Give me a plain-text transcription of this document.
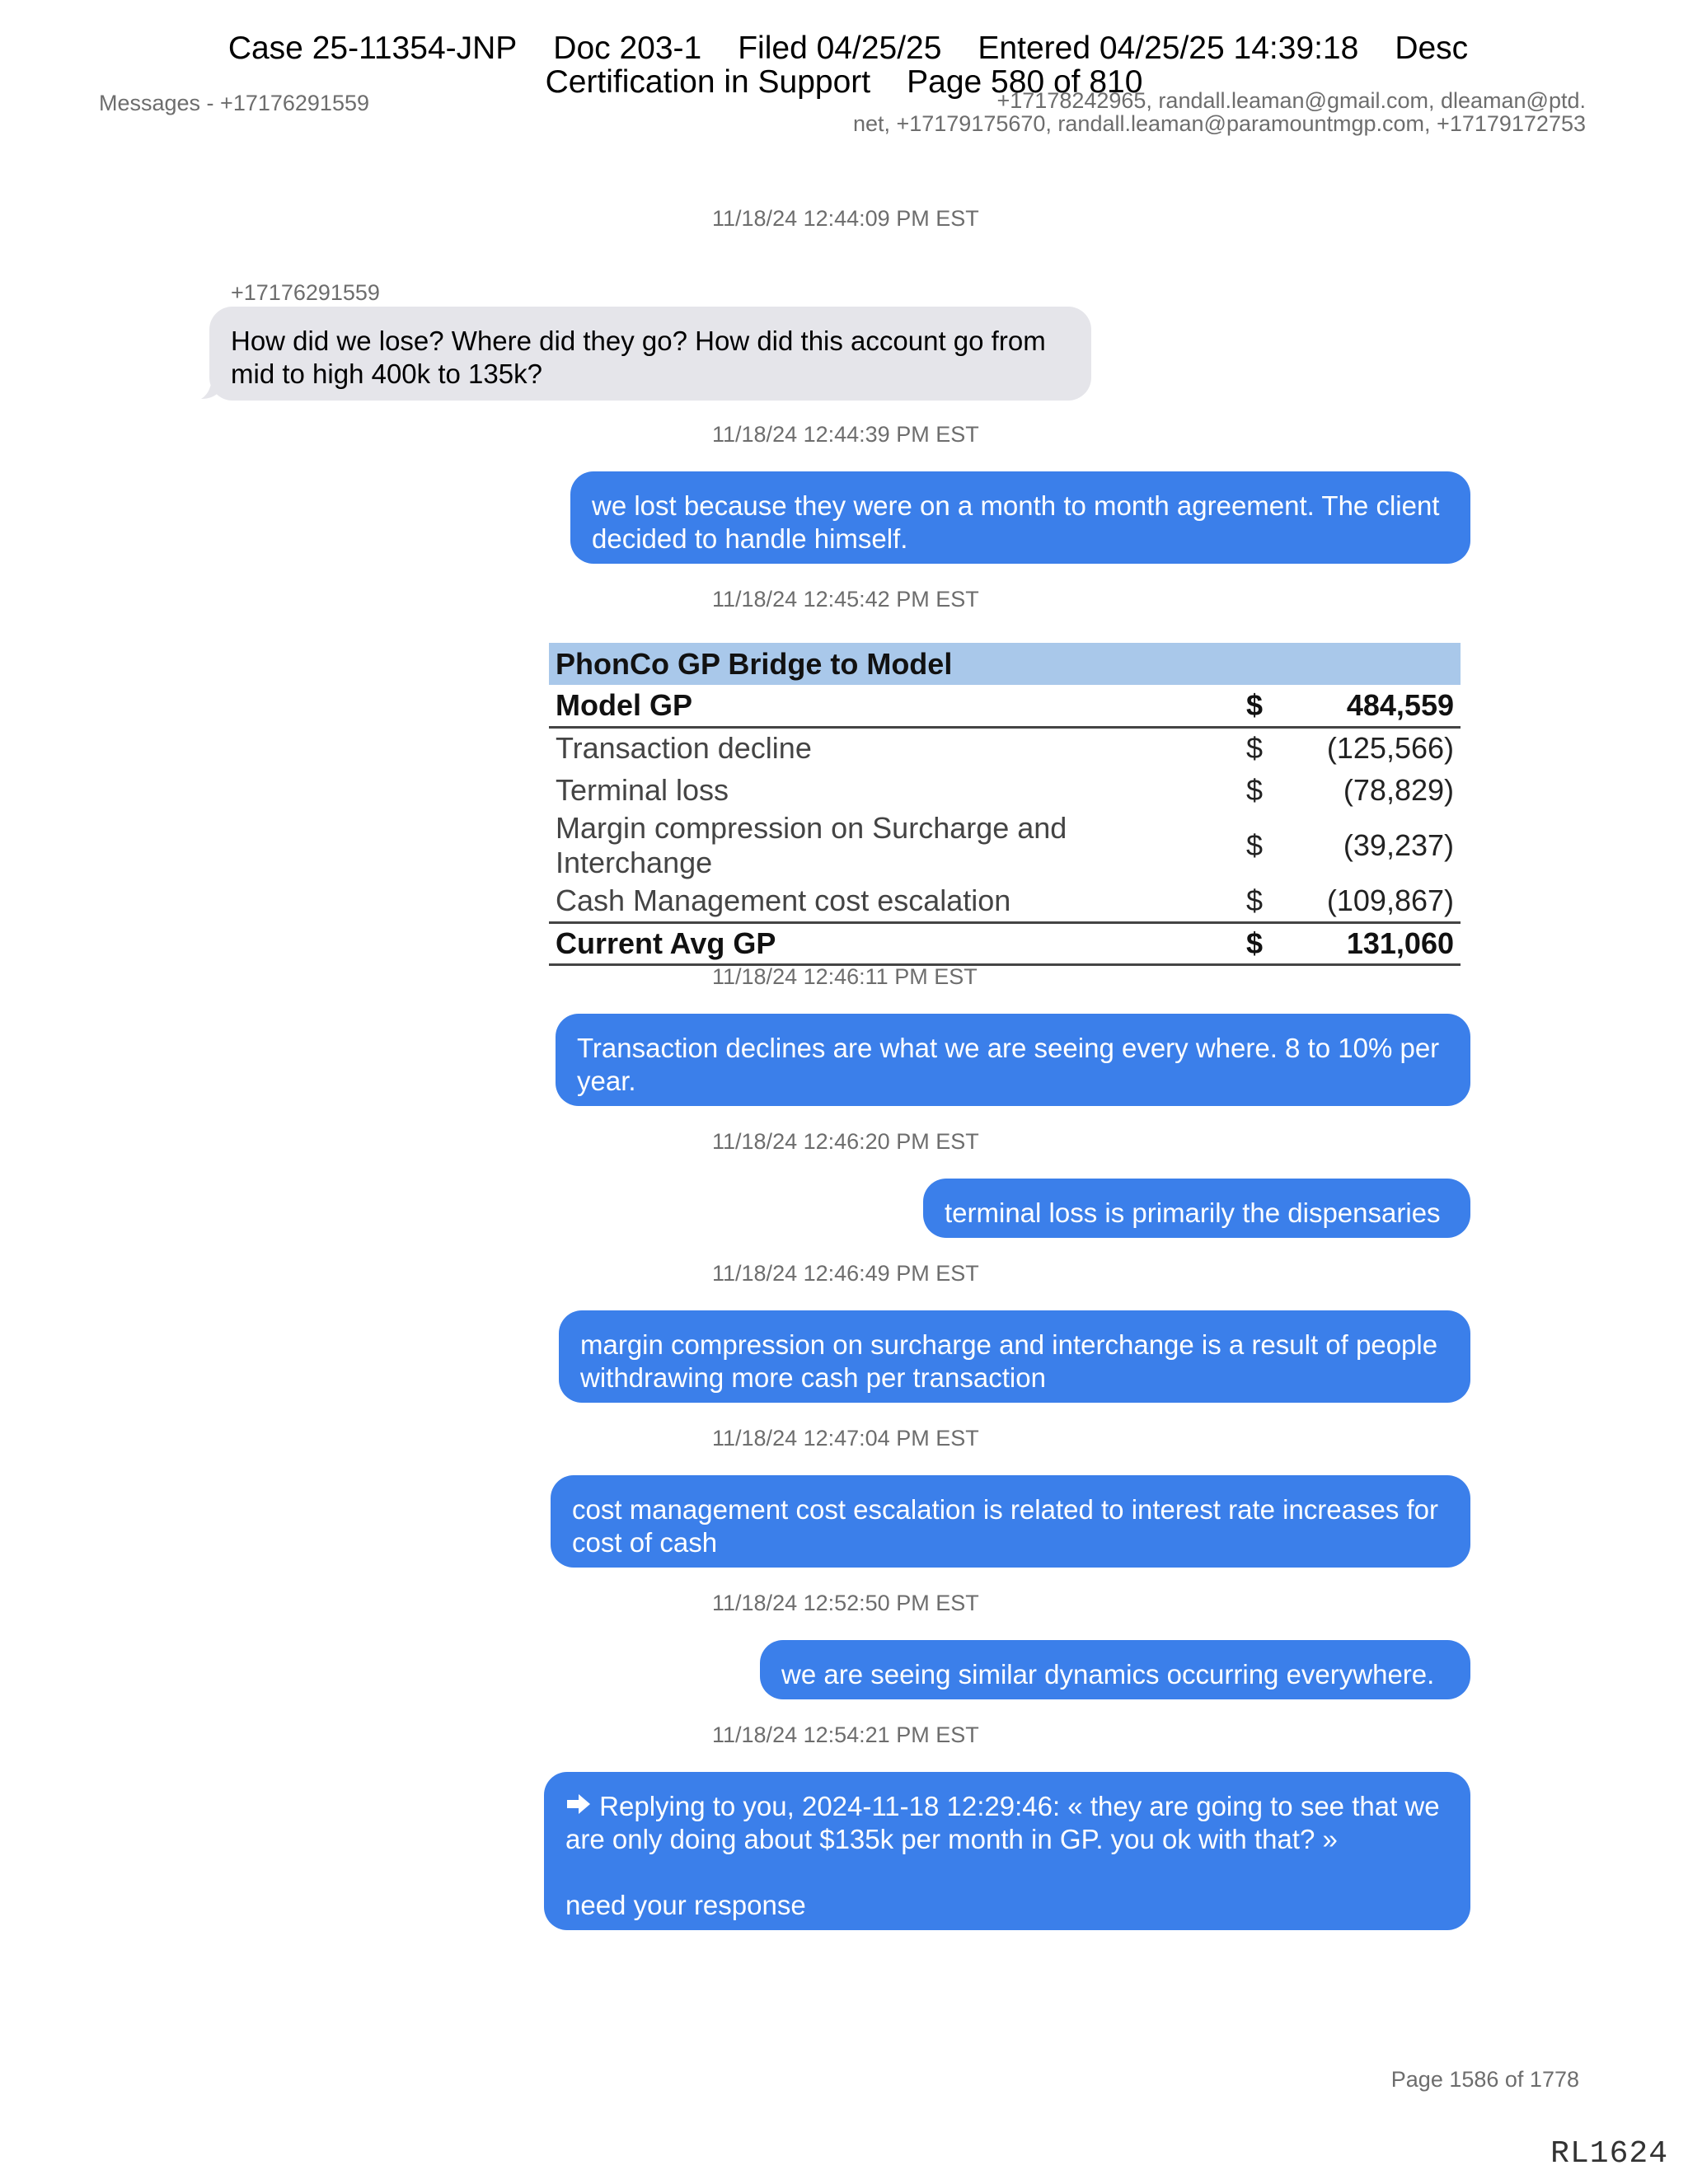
Case 25-11354-JNP Doc 203-1 Filed 04/25/25 Entered 04/25/25 14:39:18 Desc
Certification in Support Page 580 of 810
Messages - +17176291559	+17178242965, randall.leaman@gmail.com, dleaman@ptd.
net, +17179175670, randall.leaman@paramountmgp.com, +17179172753
11/18/24 12:44:09 PM EST
+17176291559
How did we lose? Where did they go? How did this account go from
mid to high 400k to 135k?
11/18/24 12:44:39 PM EST
we lost because they were on a month to month agreement. The client
decided to handle himself.
11/18/24 12:45:42 PM EST
PhonCo GP Bridge to Model		
Model GP	$	484,559
Transaction decline	$	(125,566)
Terminal loss	$	(78,829)
Margin compression on Surcharge and Interchange	$	(39,237)
Cash Management cost escalation	$	(109,867)
Current Avg GP	$	131,060
11/18/24 12:46:11 PM EST
Transaction declines are what we are seeing every where. 8 to 10% per
year.
11/18/24 12:46:20 PM EST
terminal loss is primarily the dispensaries
11/18/24 12:46:49 PM EST
margin compression on surcharge and interchange is a result of people
withdrawing more cash per transaction
11/18/24 12:47:04 PM EST
cost management cost escalation is related to interest rate increases for
cost of cash
11/18/24 12:52:50 PM EST
we are seeing similar dynamics occurring everywhere.
11/18/24 12:54:21 PM EST
Replying to you, 2024-11-18 12:29:46: « they are going to see that we
are only doing about $135k per month in GP. you ok with that? »
need your response
Page 1586 of 1778
RL1624
